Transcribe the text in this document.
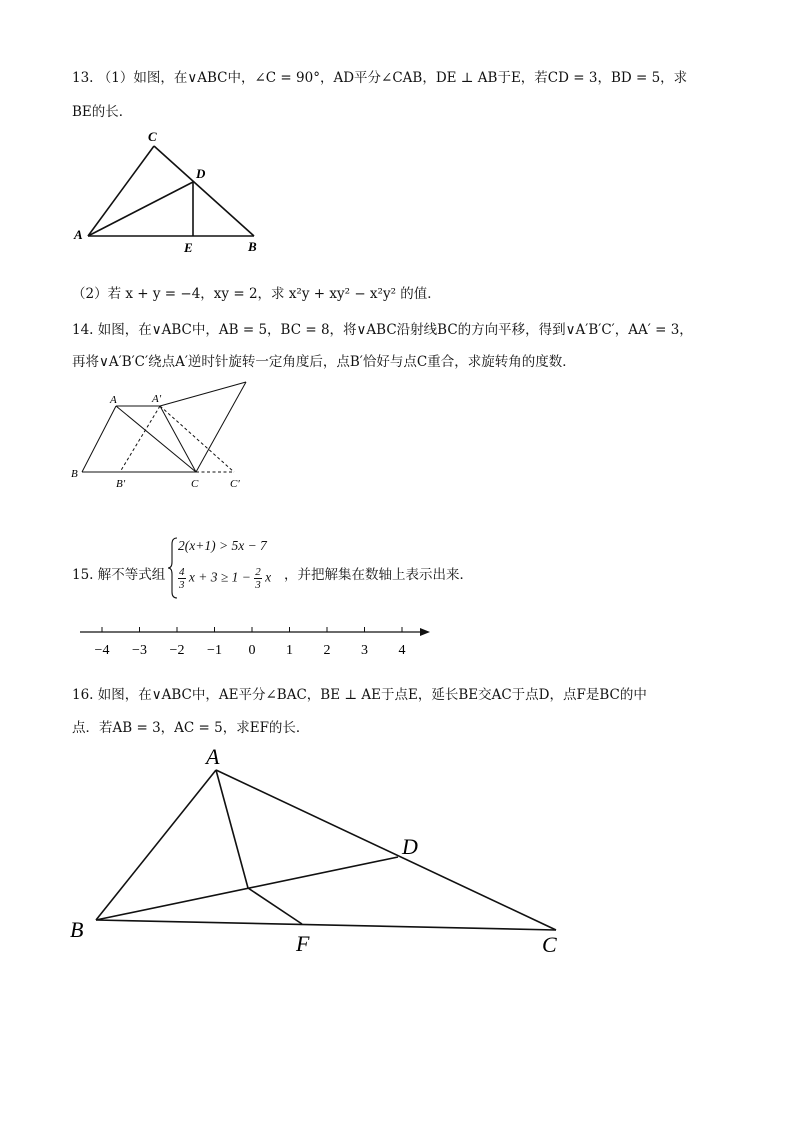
13. （1）如图，在∨ABC中，∠C = 90°，AD平分∠CAB，DE ⊥ AB于E，若CD = 3，BD = 5，求
BE的长．
A
C
D
E	B
（2）若 x + y = −4，xy = 2，求 x²y + xy² − x²y² 的值．
14. 如图，在∨ABC中，AB = 5，BC = 8，将∨ABC沿射线BC的方向平移，得到∨A′B′C′，AA′ = 3，
再将∨A′B′C′绕点A′逆时针旋转一定角度后，点B′恰好与点C重合，求旋转角的度数．
A	A′
B
B′	C	C′
15. 解不等式组
2(x+1) > 5x − 7
$\frac{4}{3}$ $x + 3 \ge 1 - \frac{2}{3}$ x ，并把解集在数轴上表示出来．
−4 −3 −2 −1 0 1 2 3 4
16. 如图，在∨ABC中，AE平分∠BAC，BE ⊥ AE于点E，延长BE交AC于点D，点F是BC的中
点．若AB = 3，AC = 5，求EF的长．
A
B
D
F	C
